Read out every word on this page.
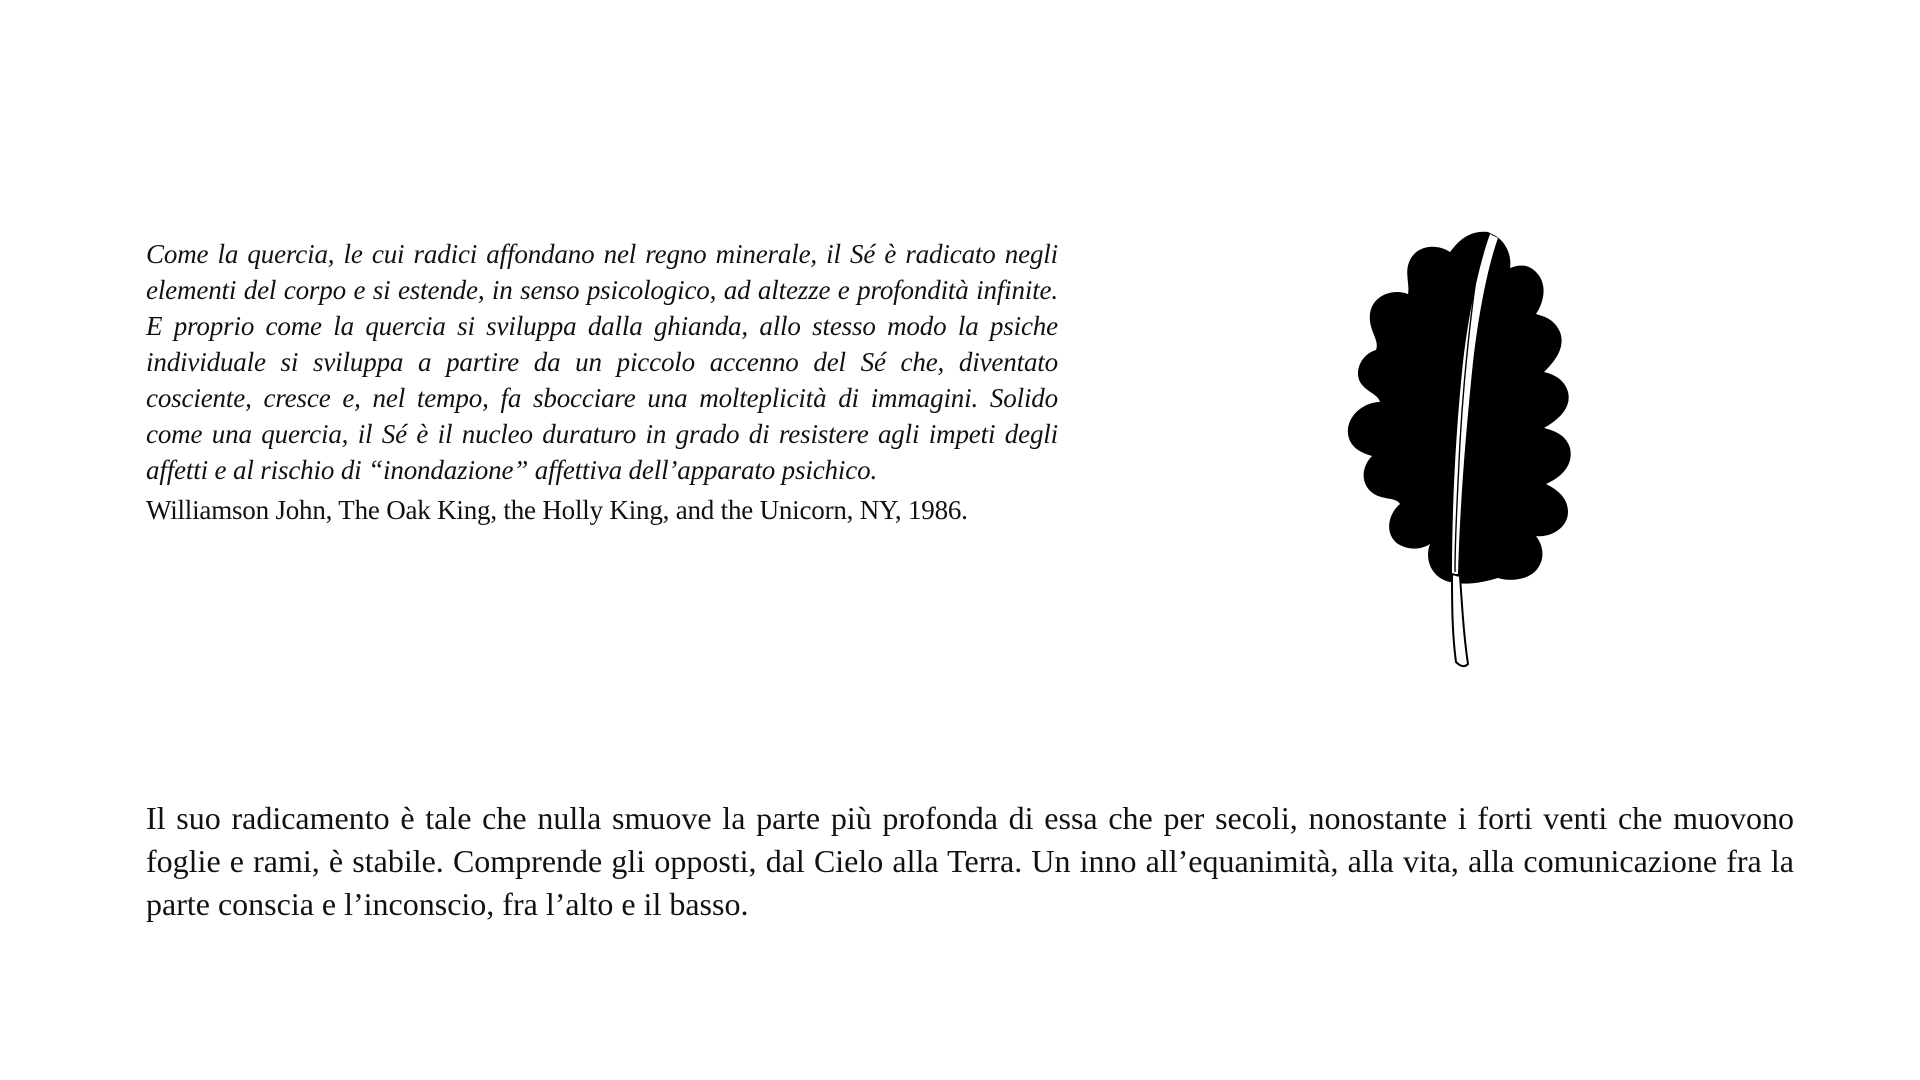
Come la quercia, le cui radici affondano nel regno minerale, il Sé è radicato negli elementi del corpo e si estende, in senso psicologico, ad altezze e profondità infinite. E proprio come la quercia si sviluppa dalla ghianda, allo stesso modo la psiche individuale si sviluppa a partire da un piccolo accenno del Sé che, diventato cosciente, cresce e, nel tempo, fa sbocciare una molteplicità di immagini. Solido come una quercia, il Sé è il nucleo duraturo in grado di resistere agli impeti degli affetti e al rischio di “inondazione” affettiva dell’apparato psichico.

Williamson John, The Oak King, the Holly King, and the Unicorn, NY, 1986.

Il suo radicamento è tale che nulla smuove la parte più profonda di essa che per secoli, nonostante i forti venti che muovono foglie e rami, è stabile. Comprende gli opposti, dal Cielo alla Terra. Un inno all’equanimità, alla vita, alla comunicazione fra la parte conscia e l’inconscio, fra l’alto e il basso.
